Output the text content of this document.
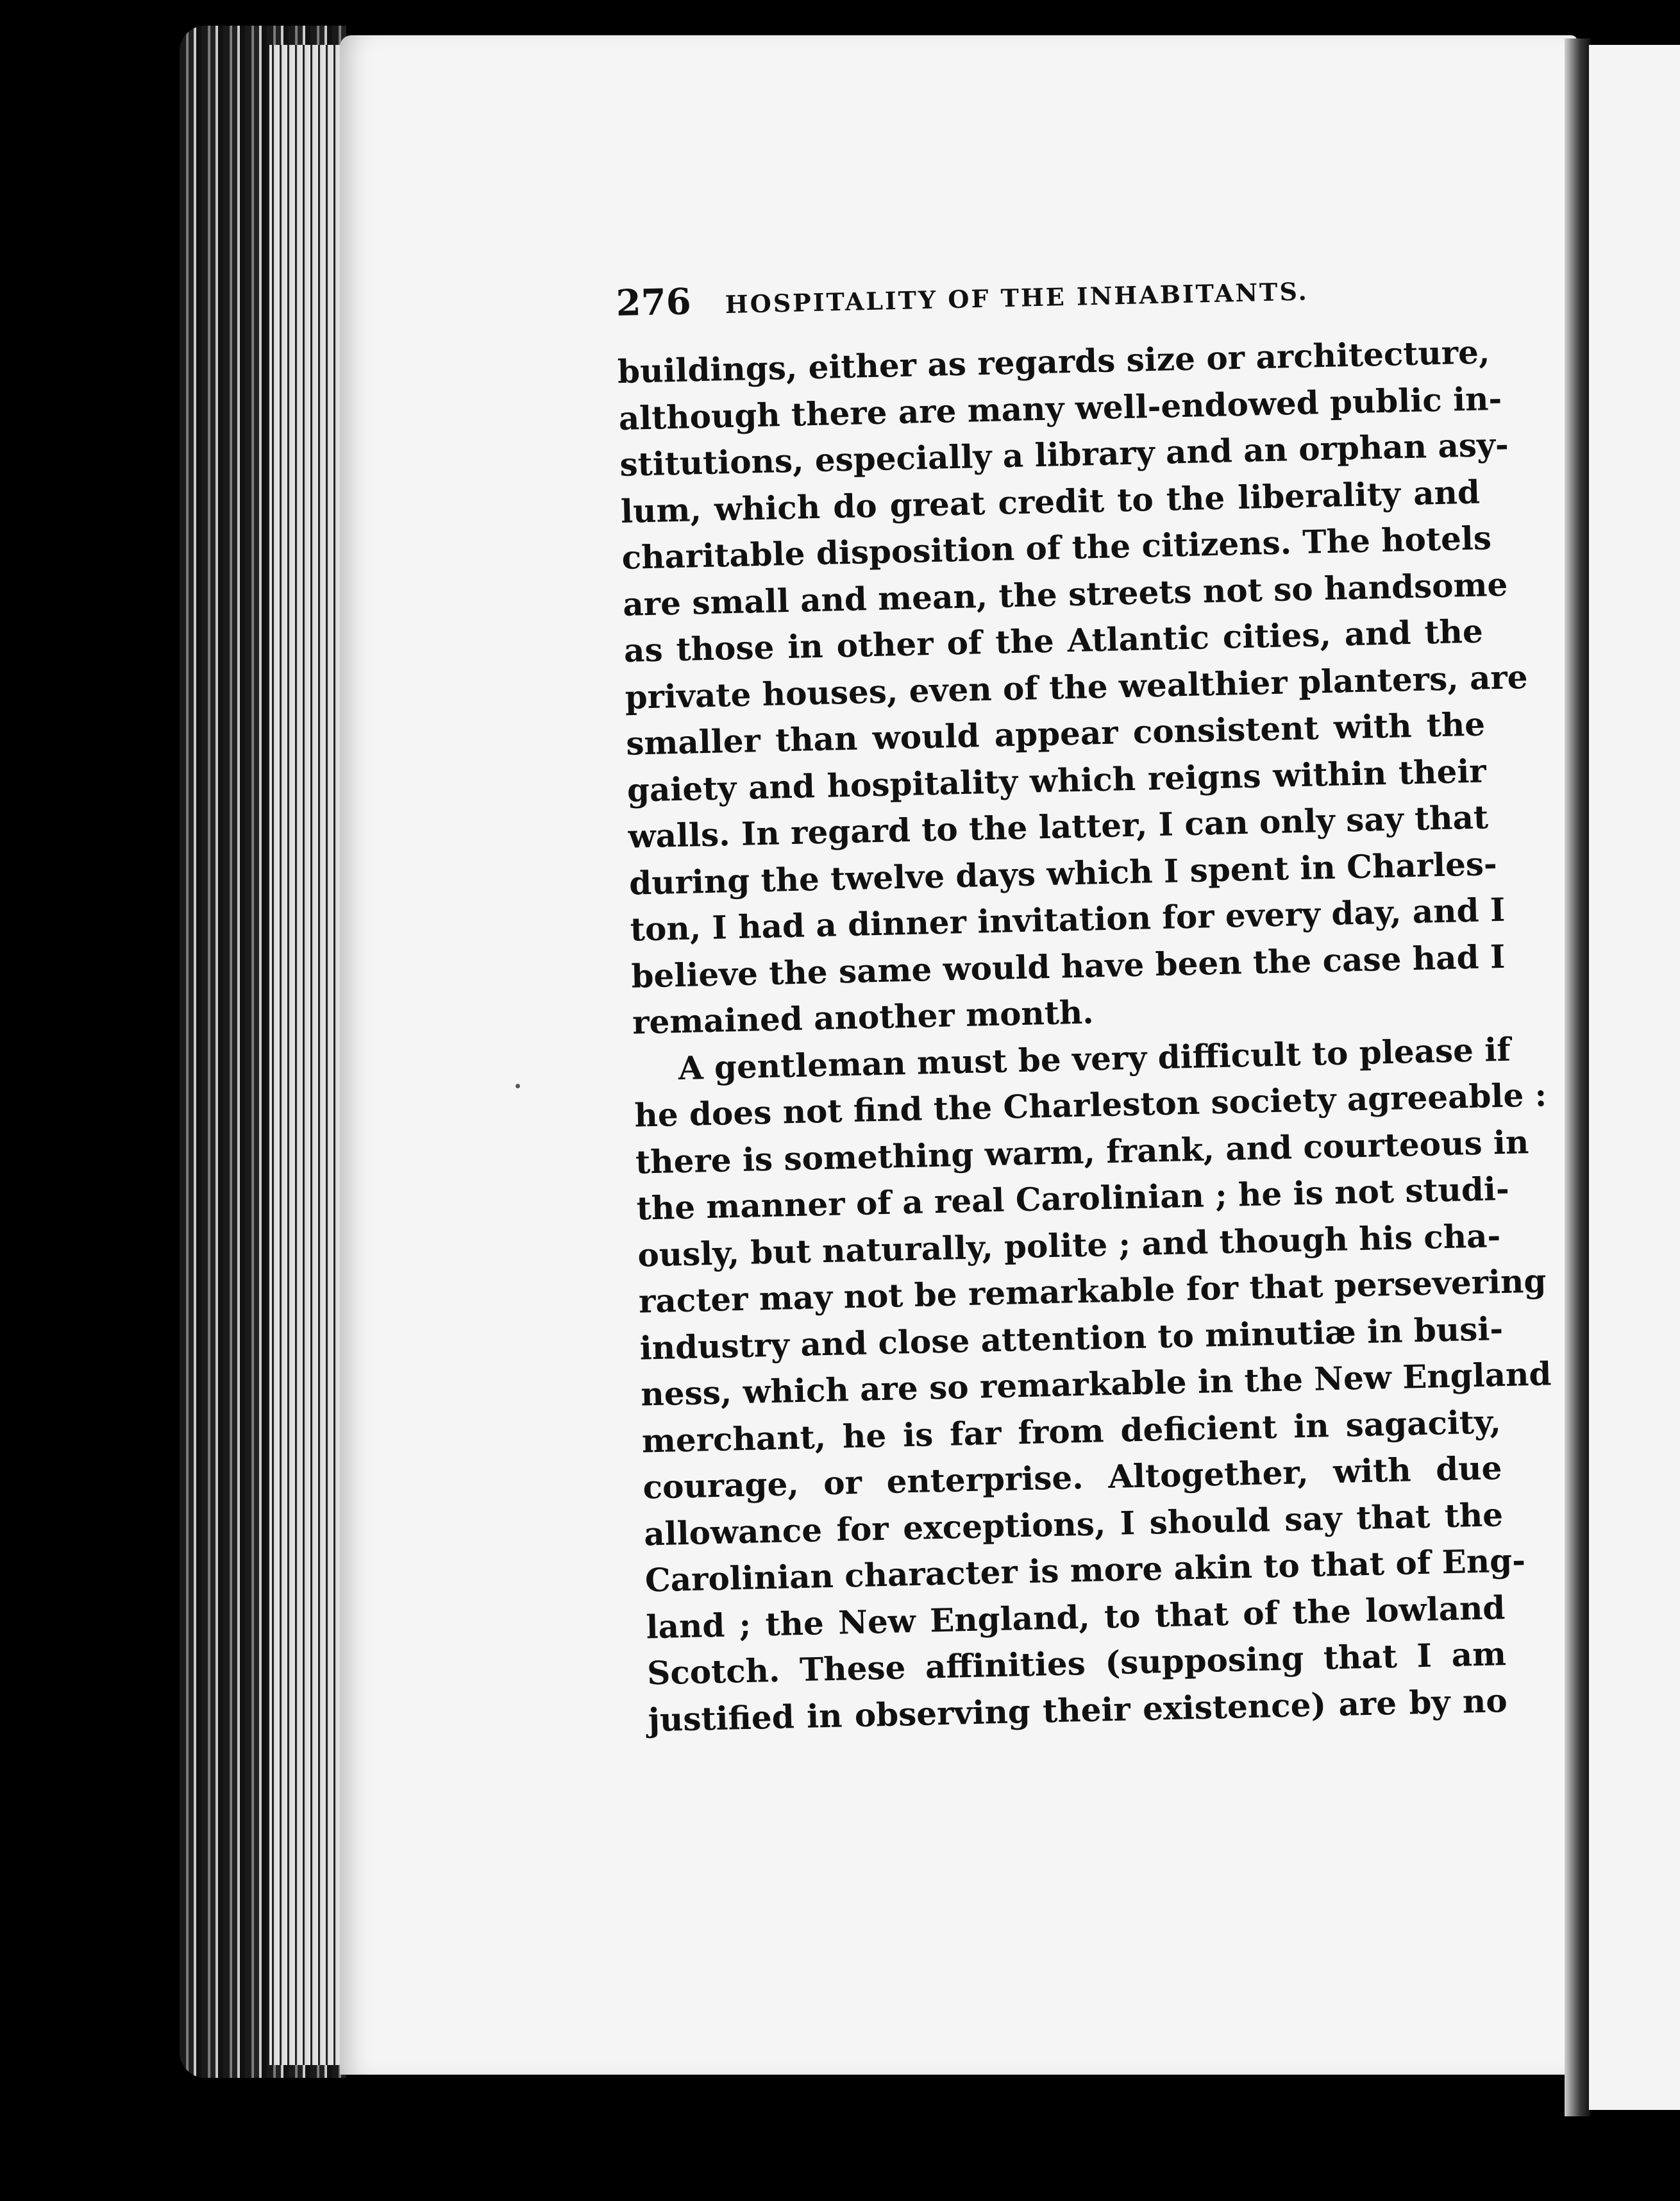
276	HOSPITALITY OF THE INHABITANTS.
buildings, either as regards size or architecture,
although there are many well-endowed public in-
stitutions, especially a library and an orphan asy-
lum, which do great credit to the liberality and
charitable disposition of the citizens. The hotels
are small and mean, the streets not so handsome
as those in other of the Atlantic cities, and the
private houses, even of the wealthier planters, are
smaller than would appear consistent with the
gaiety and hospitality which reigns within their
walls. In regard to the latter, I can only say that
during the twelve days which I spent in Charles-
ton, I had a dinner invitation for every day, and I
believe the same would have been the case had I
remained another month.
A gentleman must be very difficult to please if
he does not find the Charleston society agreeable :
there is something warm, frank, and courteous in
the manner of a real Carolinian ; he is not studi-
ously, but naturally, polite ; and though his cha-
racter may not be remarkable for that persevering
industry and close attention to minutiæ in busi-
ness, which are so remarkable in the New England
merchant, he is far from deficient in sagacity,
courage, or enterprise. Altogether, with due
allowance for exceptions, I should say that the
Carolinian character is more akin to that of Eng-
land ; the New England, to that of the lowland
Scotch. These affinities (supposing that I am
justified in observing their existence) are by no
